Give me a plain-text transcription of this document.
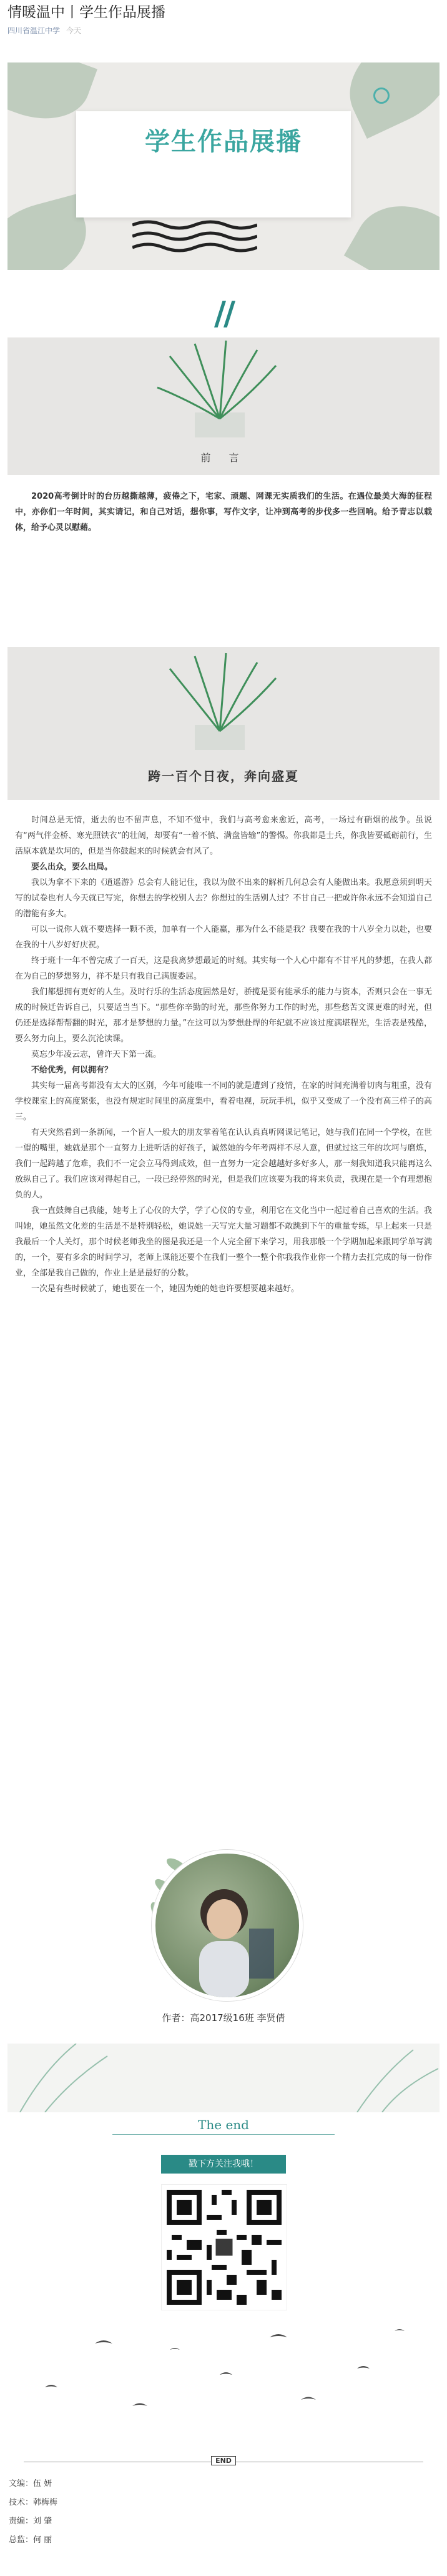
情暖温中丨学生作品展播
四川省温江中学 今天
学生作品展播
//
前 言

2020高考倒计时的台历越撕越薄，疲倦之下，宅家、顽题、网课无实质我们的生活。在遇位最美大海的征程中，亦你们一年时间，其实请记，和自己对话，想你事，写作文字，让冲到高考的步伐多一些回响。给予青志以载体，给予心灵以慰藉。

跨一百个日夜，奔向盛夏

时间总是无情，逝去的也不留声息，不知不觉中，我们与高考愈来愈近，高考，一场过有硝烟的战争。虽说有“两气伴金桥、寒光照铁衣”的壮阔，却要有“一着不慎、满盘皆输”的警惕。你我都是士兵，你我皆要砥砺前行，生活原本就是坎坷的，但是当你鼓起来的时候就会有风了。

要么出众，要么出局。

我以为拿不下来的《逍遥游》总会有人能记住，我以为做不出来的解析几何总会有人能做出来。我愿意须到明天写的试卷也有人今天就已写完，你想去的学校别人去？你想过的生活别人过？不甘自己一把或许你永远不会知道自己的潜能有多大。

可以一说你人就不要选择一颗不羡，加单有一个人能赢，那为什么不能是我？我要在我的十八岁全力以赴，也要在我的十八岁好好庆祝。

终于班十一年不曾完成了一百天，这是我离梦想最近的时刻。其实每一个人心中都有不甘平凡的梦想，在我人都在为自己的梦想努力，祥不是只有我自己满腹委屈。

我们都想拥有更好的人生。及时行乐的生活态度固然是好，骄揽是要有能承乐的能力与资本，否则只会在一事无成的时候迁告诉自己，只要适当当下。“那些你辛勤的时光，那些你努力工作的时光，那些愁苦文课更难的时光，但仍还是选择帮帮翻的时光，那才是梦想的力量。”在这可以为梦想赴焊的年纪就不应该过度满堪程光，生活表是残酷，要么努力向上，要么沉沦读课。

莫忘少年凌云志，曾许天下第一流。

不给优秀，何以拥有？

其实每一届高考都没有太大的区别，今年可能唯一不同的就是遭到了疫情，在家的时间充满着切肉与粗重，没有学校课室上的高度紧张，也没有规定时间里的高度集中，看着电视，玩玩手机，似乎又变成了一个没有高三样子的高三。

有天突然看到一条新闻，一个盲人一般大的朋友掌着笔在认认真真听网课记笔记，她与我们在同一个学校，在世一望的嘴里，她就是那个一直努力上进听话的好孩子，诚然她的今年考两样不尽人意，但就过这三年的坎坷与磨炼，我们一起跨越了危难，我们不一定会立马得到成效，但一直努力一定会越越好多好多人，那一刻我知道我只能再这么放纵自己了。我们应该对得起自己，一段已经停然的时光，但是我们应该要为我的将来负责，我现在是一个有理想抱负的人。

我一直鼓舞自己我能，她考上了心仪的大学，学了心仪的专业，利用它在文化当中一起过着自己喜欢的生活。我叫她，她虽然文化差的生活是不是特别轻松，她说她一天写完大量习题都不敢跳到下午的重量专练，早上起来一只是我最后一个人关灯，那个时候老师我坐的图是我还是一个人完全留下来学习，用我那般一个学期加起来跟同学单写满的，一个，要有多余的时间学习，老师上课能还要个在我们一整个一整个你我我作业你一个精力去扛完成的每一份作业，全部是我自己做的，作业上是是最好的分数。

一次是有些时候就了，她也要在一个，她因为她的她也许要想要越来越好。

作者：高2017级16班 李贤倩
The end
戳下方关注我哦！
END
文编：伍 妍
技术：韩梅梅
责编：刘 肇
总监：何 丽
